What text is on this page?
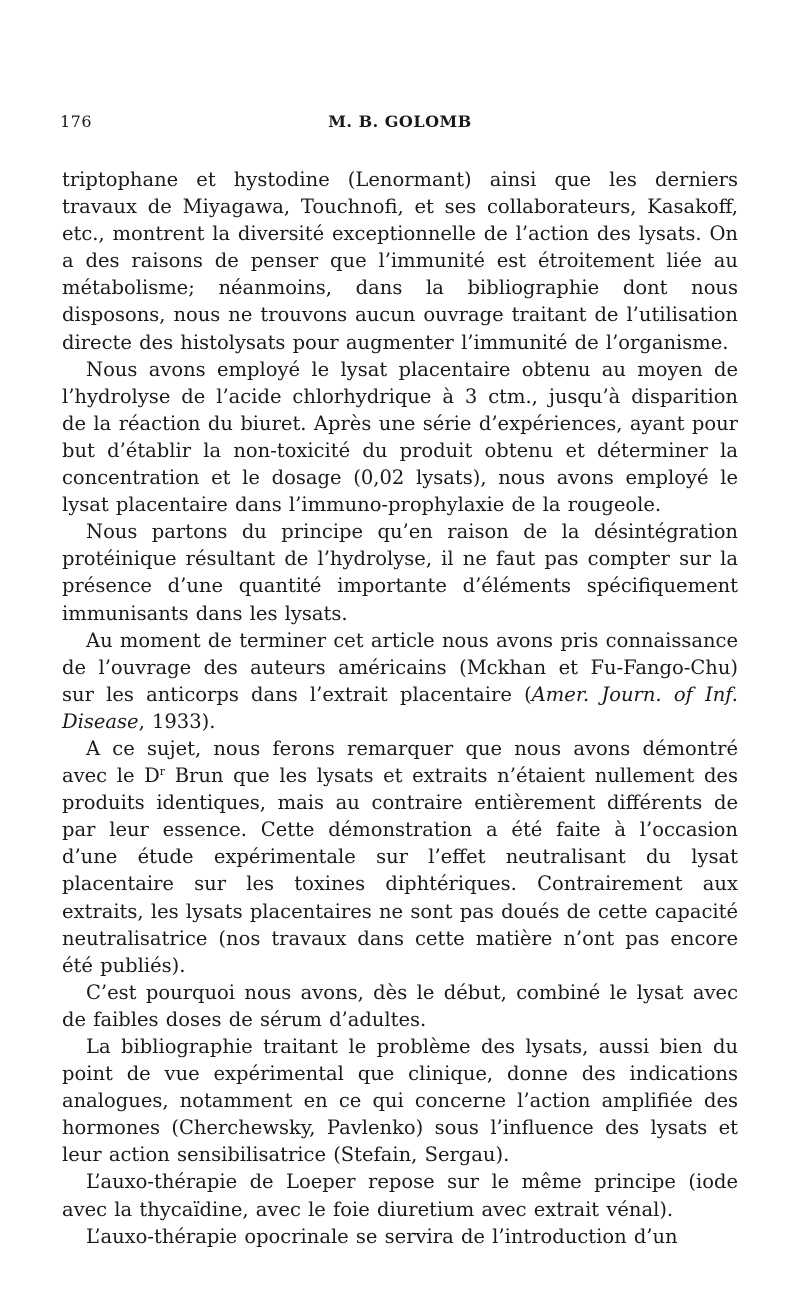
176	M. B. GOLOMB

triptophane et hystodine (Lenormant) ainsi que les derniers travaux de Miyagawa, Touchnofi, et ses collaborateurs, Kasakoff, etc., montrent la diversité exceptionnelle de l’action des lysats. On a des raisons de penser que l’immunité est étroitement liée au métabolisme; néanmoins, dans la bibliographie dont nous disposons, nous ne trouvons aucun ouvrage traitant de l’utilisation directe des histolysats pour augmenter l’immunité de l’organisme.

Nous avons employé le lysat placentaire obtenu au moyen de l’hydrolyse de l’acide chlorhydrique à 3 ctm., jusqu’à disparition de la réaction du biuret. Après une série d’expériences, ayant pour but d’établir la non-toxicité du produit obtenu et déterminer la concentration et le dosage (0,02 lysats), nous avons employé le lysat placentaire dans l’immuno-prophylaxie de la rougeole.

Nous partons du principe qu’en raison de la désintégration protéinique résultant de l’hydrolyse, il ne faut pas compter sur la présence d’une quantité importante d’éléments spécifiquement immunisants dans les lysats.

Au moment de terminer cet article nous avons pris connaissance de l’ouvrage des auteurs américains (Mckhan et Fu-Fango-Chu) sur les anticorps dans l’extrait placentaire (Amer. Journ. of Inf. Disease, 1933).

A ce sujet, nous ferons remarquer que nous avons démontré avec le $D^r$ Brun que les lysats et extraits n’étaient nullement des produits identiques, mais au contraire entièrement différents de par leur essence. Cette démonstration a été faite à l’occasion d’une étude expérimentale sur l’effet neutralisant du lysat placentaire sur les toxines diphtériques. Contrairement aux extraits, les lysats placentaires ne sont pas doués de cette capacité neutralisatrice (nos travaux dans cette matière n’ont pas encore été publiés).

C’est pourquoi nous avons, dès le début, combiné le lysat avec de faibles doses de sérum d’adultes.

La bibliographie traitant le problème des lysats, aussi bien du point de vue expérimental que clinique, donne des indications analogues, notamment en ce qui concerne l’action amplifiée des hormones (Cherchewsky, Pavlenko) sous l’influence des lysats et leur action sensibilisatrice (Stefain, Sergau).

L’auxo-thérapie de Loeper repose sur le même principe (iode avec la thycaïdine, avec le foie diuretium avec extrait vénal).

L’auxo-thérapie opocrinale se servira de l’introduction d’un
